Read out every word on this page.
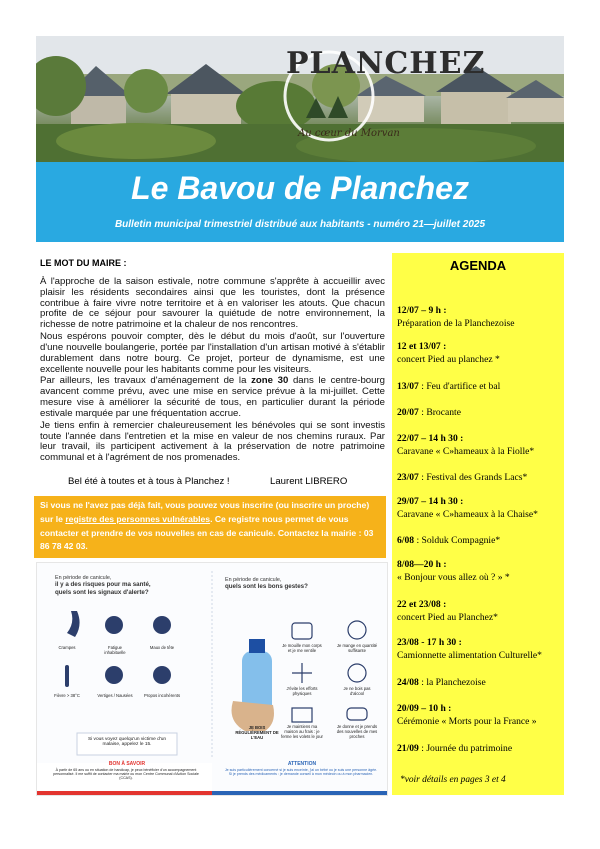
PLANCHEZ
Au cœur du Morvan
Le Bavou de Planchez
Bulletin municipal trimestriel distribué aux habitants - numéro 21—juillet 2025
LE MOT DU MAIRE :

À l'approche de la saison estivale, notre commune s'apprête à accueillir avec plaisir les résidents secondaires ainsi que les touristes, dont la présence contribue à faire vivre notre territoire et à en valoriser les atouts. Que chacun profite de ce séjour pour savourer la quiétude de notre environnement, la richesse de notre patrimoine et la chaleur de nos rencontres.

Nous espérons pouvoir compter, dès le début du mois d'août, sur l'ouverture d'une nouvelle boulangerie, portée par l'installation d'un artisan motivé à s'établir durablement dans notre bourg. Ce projet, porteur de dynamisme, est une excellente nouvelle pour les habitants comme pour les visiteurs.

Par ailleurs, les travaux d'aménagement de la zone 30 dans le centre-bourg avancent comme prévu, avec une mise en service prévue à la mi-juillet. Cette mesure vise à améliorer la sécurité de tous, en particulier durant la période estivale marquée par une fréquentation accrue.

Je tiens enfin à remercier chaleureusement les bénévoles qui se sont investis toute l'année dans l'entretien et la mise en valeur de nos chemins ruraux. Par leur travail, ils participent activement à la préservation de notre patrimoine communal et à l'agrément de nos promenades.

Bel été à toutes et à tous à Planchez !	Laurent LIBRERO
Si vous ne l'avez pas déjà fait, vous pouvez vous inscrire (ou inscrire un proche) sur le registre des personnes vulnérables. Ce registre nous permet de vous contacter et prendre de vos nouvelles en cas de canicule. Contactez la mairie : 03 86 78 42 03.
AGENDA
12/07 – 9 h :
Préparation de la Planchezoise
12 et 13/07 :
concert Pied au planchez *
13/07 : Feu d'artifice et bal
20/07 : Brocante
22/07 – 14 h 30 :
Caravane « C»hameaux à la Fiolle*
23/07 : Festival des Grands Lacs*
29/07 – 14 h 30 :
Caravane « C»hameaux à la Chaise*
6/08 : Solduk Compagnie*
8/08—20 h :
« Bonjour vous allez où ? » *
22 et 23/08 :
concert Pied au Planchez*
23/08 - 17 h 30 :
Camionnette alimentation Culturelle*
24/08 : la Planchezoise
20/09 – 10 h :
Cérémonie « Morts pour la France »
21/09 : Journée du patrimoine
*voir détails en pages 3 et 4
En période de canicule,
il y a des risques pour ma santé,
quels sont les signaux d'alerte?
En période de canicule,
quels sont les bons gestes?
Crampes	Fatigue inhabituelle
Maux de tête
Fièvre > 38°C	Vertiges / Nausées	Propos incohérents
Si vous voyez quelqu'un victime d'un malaise, appelez le 15.
JE BOIS RÉGULIÈREMENT DE L'EAU
Je mouille mon corps et je me ventile
Je mange en quantité suffisante
J'évite les efforts physiques
Je ne bois pas d'alcool
Je maintiens ma maison au frais : je ferme les volets le jour
Je donne et je prends des nouvelles de mes proches
BON À SAVOIR
À partir de 65 ans ou en situation de handicap, je peux bénéficier d'un accompagnement personnalisé. Il me suffit de contacter ma mairie ou mon Centre Communal d'Action Sociale (CCAS).
ATTENTION
Je suis particulièrement concerné si je suis enceinte, j'ai un bébé ou je suis une personne âgée. Si je prends des médicaments : je demande conseil à mon médecin ou à mon pharmacien.
